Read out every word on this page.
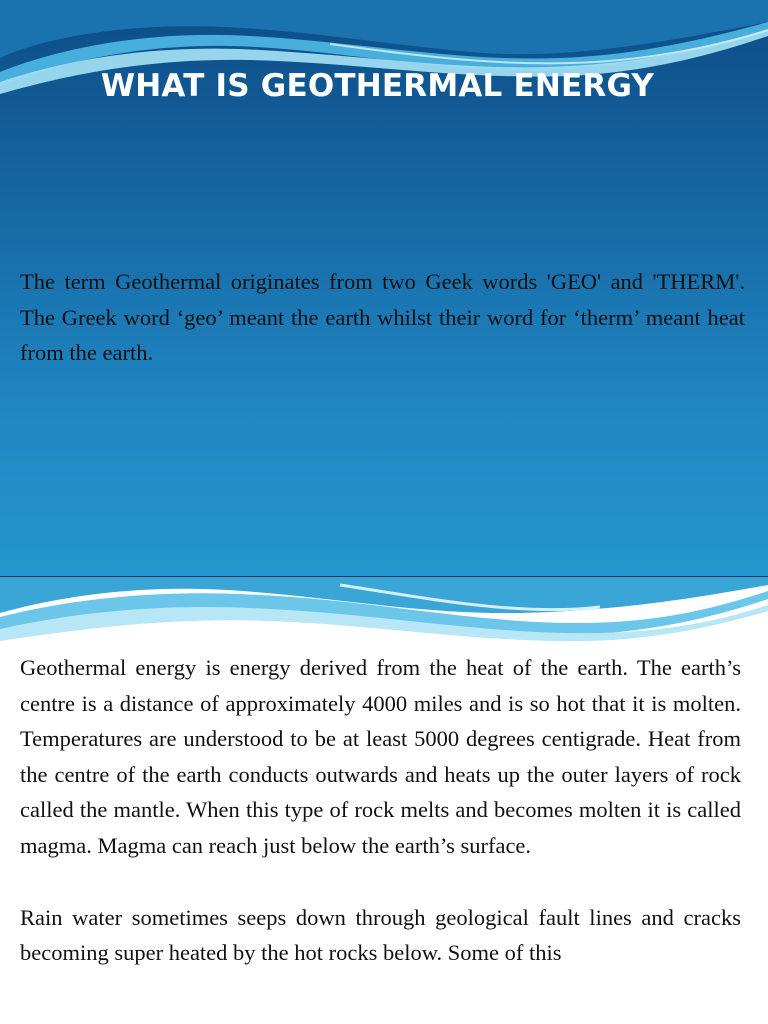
WHAT IS GEOTHERMAL ENERGY

The term Geothermal originates from two Geek words 'GEO' and 'THERM'. The Greek word ‘geo’ meant the earth whilst their word for ‘therm’ meant heat from the earth.

Geothermal energy is energy derived from the heat of the earth. The earth’s centre is a distance of approximately 4000 miles and is so hot that it is molten. Temperatures are understood to be at least 5000 degrees centigrade. Heat from the centre of the earth conducts outwards and heats up the outer layers of rock called the mantle. When this type of rock melts and becomes molten it is called magma. Magma can reach just below the earth’s surface.

Rain water sometimes seeps down through geological fault lines and cracks becoming super heated by the hot rocks below. Some of this
